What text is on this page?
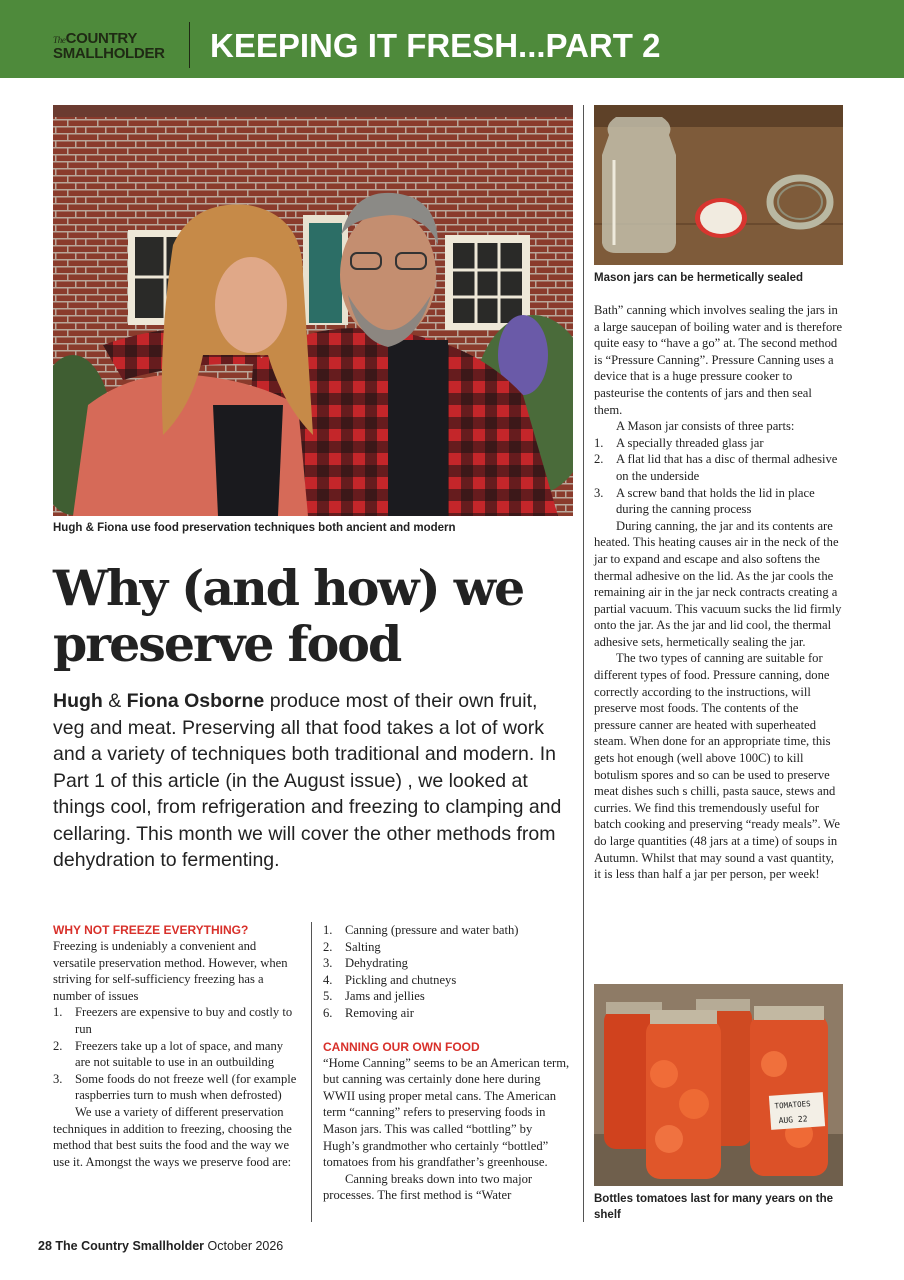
TheCOUNTRY
SMALLHOLDER KEEPING IT FRESH...PART 2
Hugh & Fiona use food preservation techniques both ancient and modern
Why (and how) we
preserve food
Hugh & Fiona Osborne produce most of their own fruit, veg and meat. Preserving all that food takes a lot of work and a variety of techniques both traditional and modern. In Part 1 of this article (in the August issue) , we looked at things cool, from refrigeration and freezing to clamping and cellaring. This month we will cover the other methods from dehydration to fermenting.

WHY NOT FREEZE EVERYTHING?

Freezing is undeniably a convenient and versatile preservation method. However, when striving for self-sufficiency freezing has a number of issues

1. Freezers are expensive to buy and costly to run
2. Freezers take up a lot of space, and many are not suitable to use in an outbuilding
3. Some foods do not freeze well (for example raspberries turn to mush when defrosted)

We use a variety of different preservation techniques in addition to freezing, choosing the method that best suits the food and the way we use it. Amongst the ways we preserve food are:

1. Canning (pressure and water bath)
2. Salting
3. Dehydrating
4. Pickling and chutneys
5. Jams and jellies
6. Removing air

CANNING OUR OWN FOOD

“Home Canning” seems to be an American term, but canning was certainly done here during WWII using proper metal cans. The American term “canning” refers to preserving foods in Mason jars. This was called “bottling” by Hugh’s grandmother who certainly “bottled” tomatoes from his grandfather’s greenhouse.

Canning breaks down into two major processes. The first method is “Water

Mason jars can be hermetically sealed

Bath” canning which involves sealing the jars in a large saucepan of boiling water and is therefore quite easy to “have a go” at. The second method is “Pressure Canning”. Pressure Canning uses a device that is a huge pressure cooker to pasteurise the contents of jars and then seal them.

A Mason jar consists of three parts:

1. A specially threaded glass jar
2. A flat lid that has a disc of thermal adhesive on the underside
3. A screw band that holds the lid in place during the canning process

During canning, the jar and its contents are heated. This heating causes air in the neck of the jar to expand and escape and also softens the thermal adhesive on the lid. As the jar cools the remaining air in the jar neck contracts creating a partial vacuum. This vacuum sucks the lid firmly onto the jar. As the jar and lid cool, the thermal adhesive sets, hermetically sealing the jar.

The two types of canning are suitable for different types of food. Pressure canning, done correctly according to the instructions, will preserve most foods. The contents of the pressure canner are heated with superheated steam. When done for an appropriate time, this gets hot enough (well above 100C) to kill botulism spores and so can be used to preserve meat dishes such s chilli, pasta sauce, stews and curries. We find this tremendously useful for batch cooking and preserving “ready meals”. We do large quantities (48 jars at a time) of soups in Autumn. Whilst that may sound a vast quantity, it is less than half a jar per person, per week!

TOMATOES
AUG 22
Bottles tomatoes last for many years on the shelf
28 The Country Smallholder October 2026
